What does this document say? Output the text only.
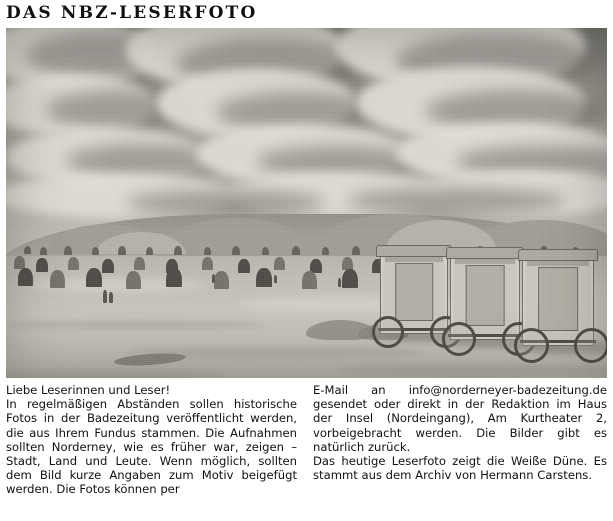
DAS NBZ-LESERFOTO

Liebe Leserinnen und Leser!

In regelmäßigen Abständen sollen historische Fotos in der Badezeitung veröffentlicht werden, die aus Ihrem Fundus stammen. Die Aufnahmen sollten Norderney, wie es früher war, zeigen – Stadt, Land und Leute. Wenn möglich, sollten dem Bild kurze Angaben zum Motiv beigefügt werden. Die Fotos können per

E-Mail an info@norderneyer-badezeitung.de gesendet oder direkt in der Redaktion im Haus der Insel (Nordeingang), Am Kurtheater 2, vorbeigebracht werden. Die Bilder gibt es natürlich zurück.

Das heutige Leserfoto zeigt die Weiße Düne. Es stammt aus dem Archiv von Hermann Carstens.
